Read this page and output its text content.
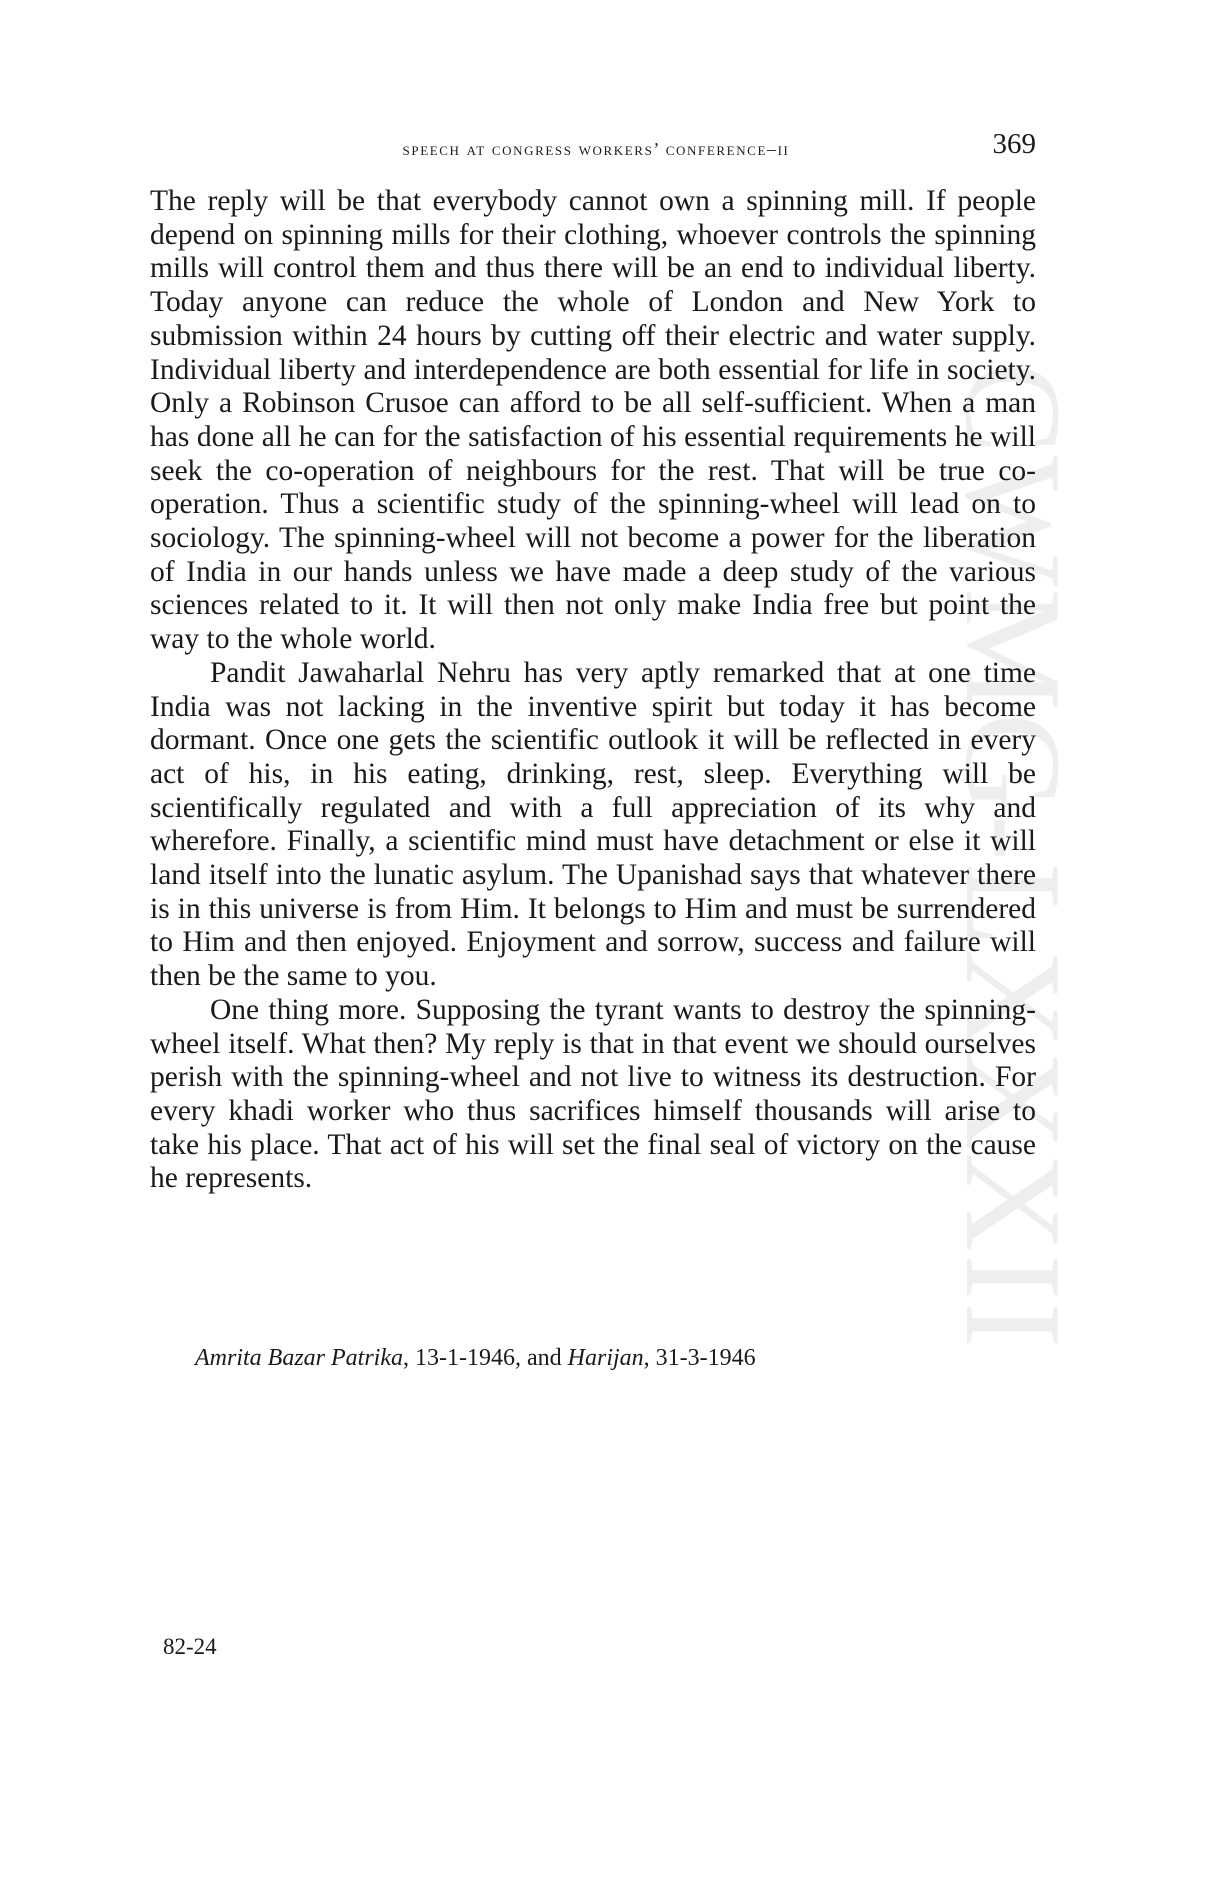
CWMG-LXXXII
speech at congress workers’ conference–ii	369

The reply will be that everybody cannot own a spinning mill. If people depend on spinning mills for their clothing, whoever controls the spinning mills will control them and thus there will be an end to individual liberty. Today anyone can reduce the whole of London and New York to submission within 24 hours by cutting off their electric and water supply. Individual liberty and interdependence are both essential for life in society. Only a Robinson Crusoe can afford to be all self-sufficient. When a man has done all he can for the satisfaction of his essential requirements he will seek the co-operation of neighbours for the rest. That will be true co-operation. Thus a scientific study of the spinning-wheel will lead on to sociology. The spinning-wheel will not become a power for the liberation of India in our hands unless we have made a deep study of the various sciences related to it. It will then not only make India free but point the way to the whole world.

Pandit Jawaharlal Nehru has very aptly remarked that at one time India was not lacking in the inventive spirit but today it has become dormant. Once one gets the scientific outlook it will be reflected in every act of his, in his eating, drinking, rest, sleep. Everything will be scientifically regulated and with a full appreciation of its why and wherefore. Finally, a scientific mind must have detachment or else it will land itself into the lunatic asylum. The Upanishad says that whatever there is in this universe is from Him. It belongs to Him and must be surrendered to Him and then enjoyed. Enjoyment and sorrow, success and failure will then be the same to you.

One thing more. Supposing the tyrant wants to destroy the spinning-wheel itself. What then? My reply is that in that event we should ourselves perish with the spinning-wheel and not live to witness its destruction. For every khadi worker who thus sacrifices himself thousands will arise to take his place. That act of his will set the final seal of victory on the cause he represents.

Amrita Bazar Patrika, 13-1-1946, and Harijan, 31-3-1946
82-24
